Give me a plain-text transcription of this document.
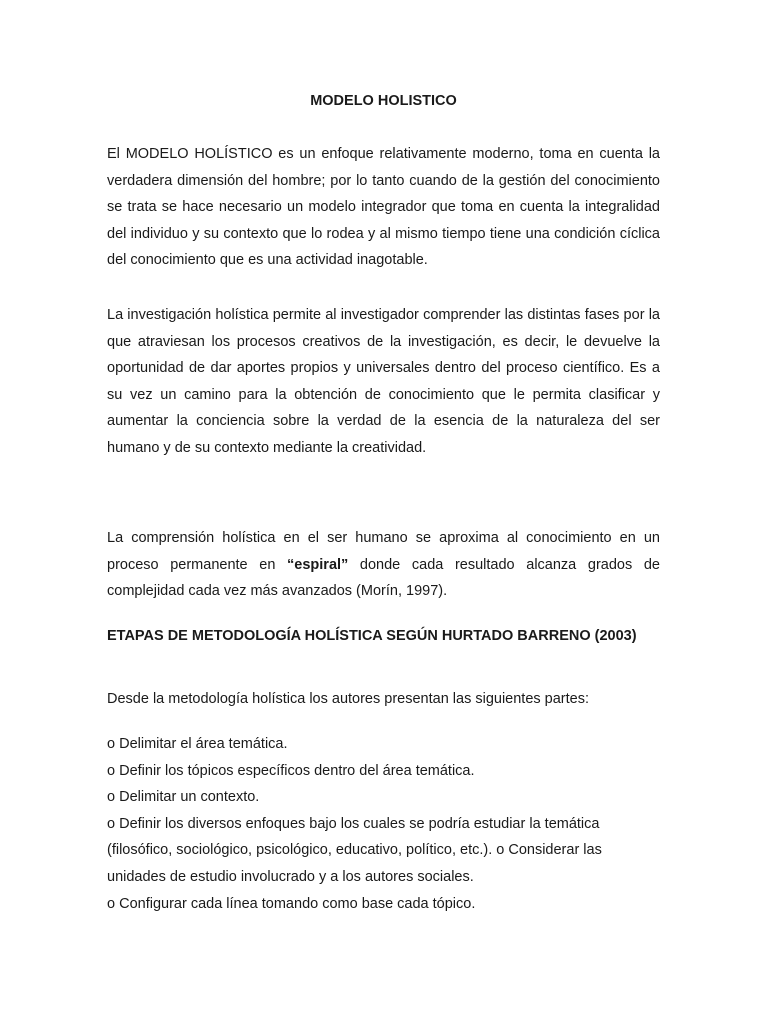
MODELO HOLISTICO

El MODELO HOLÍSTICO es un enfoque relativamente moderno, toma en cuenta la verdadera dimensión del hombre; por lo tanto cuando de la gestión del conocimiento se trata se hace necesario un modelo integrador que toma en cuenta la integralidad del individuo y su contexto que lo rodea y al mismo tiempo tiene una condición cíclica del conocimiento que es una actividad inagotable.

La investigación holística permite al investigador comprender las distintas fases por la que atraviesan los procesos creativos de la investigación, es decir, le devuelve la oportunidad de dar aportes propios y universales dentro del proceso científico. Es a su vez un camino para la obtención de conocimiento que le permita clasificar y aumentar la conciencia sobre la verdad de la esencia de la naturaleza del ser humano y de su contexto mediante la creatividad.

La comprensión holística en el ser humano se aproxima al conocimiento en un proceso permanente en “espiral” donde cada resultado alcanza grados de complejidad cada vez más avanzados (Morín, 1997).

ETAPAS DE METODOLOGÍA HOLÍSTICA SEGÚN HURTADO BARRENO (2003)

Desde la metodología holística los autores presentan las siguientes partes:

o Delimitar el área temática.
o Definir los tópicos específicos dentro del área temática.
o Delimitar un contexto.
o Definir los diversos enfoques bajo los cuales se podría estudiar la temática (filosófico, sociológico, psicológico, educativo, político, etc.). o Considerar las unidades de estudio involucrado y a los autores sociales.
o Configurar cada línea tomando como base cada tópico.
